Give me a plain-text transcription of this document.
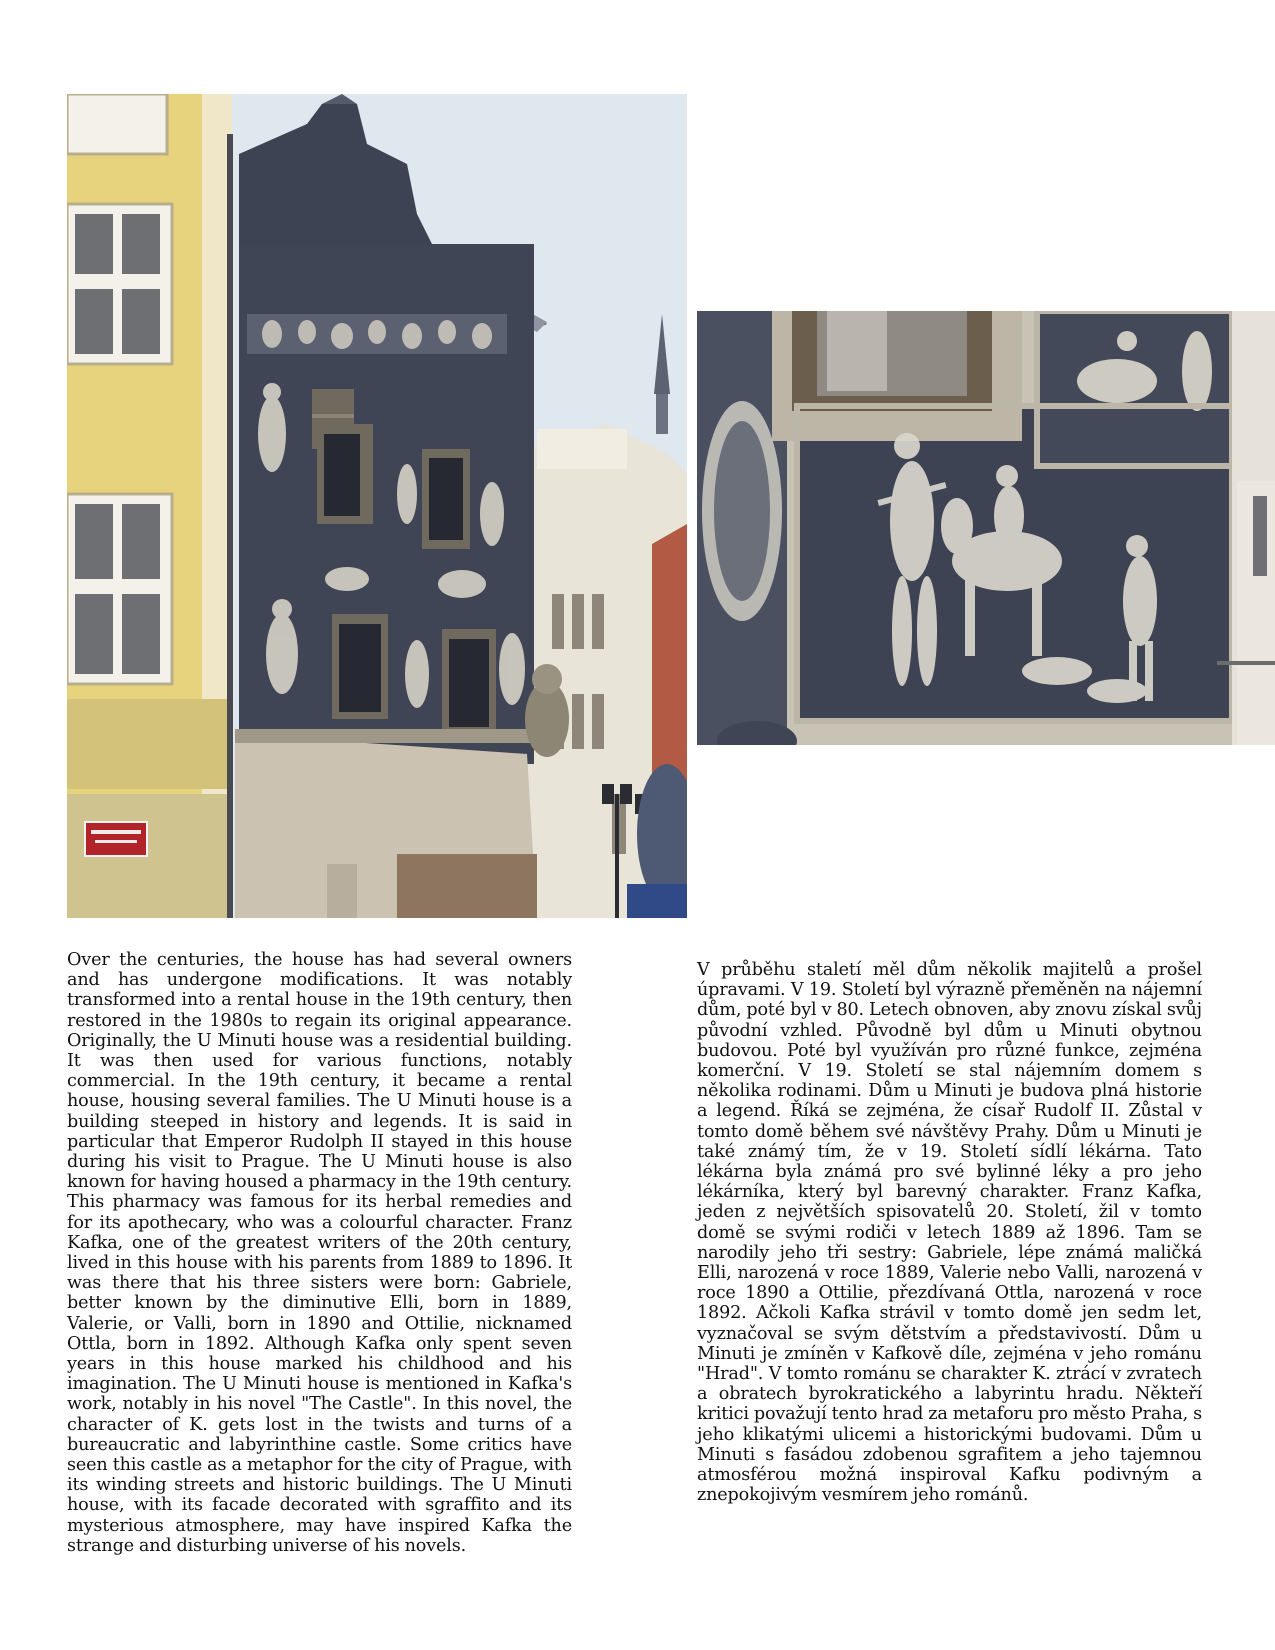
Over the centuries, the house has had several owners and has undergone modifications. It was notably transformed into a rental house in the 19th century, then restored in the 1980s to regain its original appearance. Originally, the U Minuti house was a residential building. It was then used for various functions, notably commercial. In the 19th century, it became a rental house, housing several families. The U Minuti house is a building steeped in history and legends. It is said in particular that Emperor Rudolph II stayed in this house during his visit to Prague. The U Minuti house is also known for having housed a pharmacy in the 19th century. This pharmacy was famous for its herbal remedies and for its apothecary, who was a colourful character. Franz Kafka, one of the greatest writers of the 20th century, lived in this house with his parents from 1889 to 1896. It was there that his three sisters were born: Gabriele, better known by the diminutive Elli, born in 1889, Valerie, or Valli, born in 1890 and Ottilie, nicknamed Ottla, born in 1892. Although Kafka only spent seven years in this house marked his childhood and his imagination. The U Minuti house is mentioned in Kafka's work, notably in his novel "The Castle". In this novel, the character of K. gets lost in the twists and turns of a bureaucratic and labyrinthine castle. Some critics have seen this castle as a metaphor for the city of Prague, with its winding streets and historic buildings. The U Minuti house, with its facade decorated with sgraffito and its mysterious atmosphere, may have inspired Kafka the strange and disturbing universe of his novels.

V průběhu staletí měl dům několik majitelů a prošel úpravami. V 19. Století byl výrazně přeměněn na nájemní dům, poté byl v 80. Letech obnoven, aby znovu získal svůj původní vzhled. Původně byl dům u Minuti obytnou budovou. Poté byl využíván pro různé funkce, zejména komerční. V 19. Století se stal nájemním domem s několika rodinami. Dům u Minuti je budova plná historie a legend. Říká se zejména, že císař Rudolf II. Zůstal v tomto domě během své návštěvy Prahy. Dům u Minuti je také známý tím, že v 19. Století sídlí lékárna. Tato lékárna byla známá pro své bylinné léky a pro jeho lékárníka, který byl barevný charakter. Franz Kafka, jeden z největších spisovatelů 20. Století, žil v tomto domě se svými rodiči v letech 1889 až 1896. Tam se narodily jeho tři sestry: Gabriele, lépe známá maličká Elli, narozená v roce 1889, Valerie nebo Valli, narozená v roce 1890 a Ottilie, přezdívaná Ottla, narozená v roce 1892. Ačkoli Kafka strávil v tomto domě jen sedm let, vyznačoval se svým dětstvím a představivostí. Dům u Minuti je zmíněn v Kafkově díle, zejména v jeho románu "Hrad". V tomto románu se charakter K. ztrácí v zvratech a obratech byrokratického a labyrintu hradu. Někteří kritici považují tento hrad za metaforu pro město Praha, s jeho klikatými ulicemi a historickými budovami. Dům u Minuti s fasádou zdobenou sgrafitem a jeho tajemnou atmosférou možná inspiroval Kafku podivným a znepokojivým vesmírem jeho románů.
